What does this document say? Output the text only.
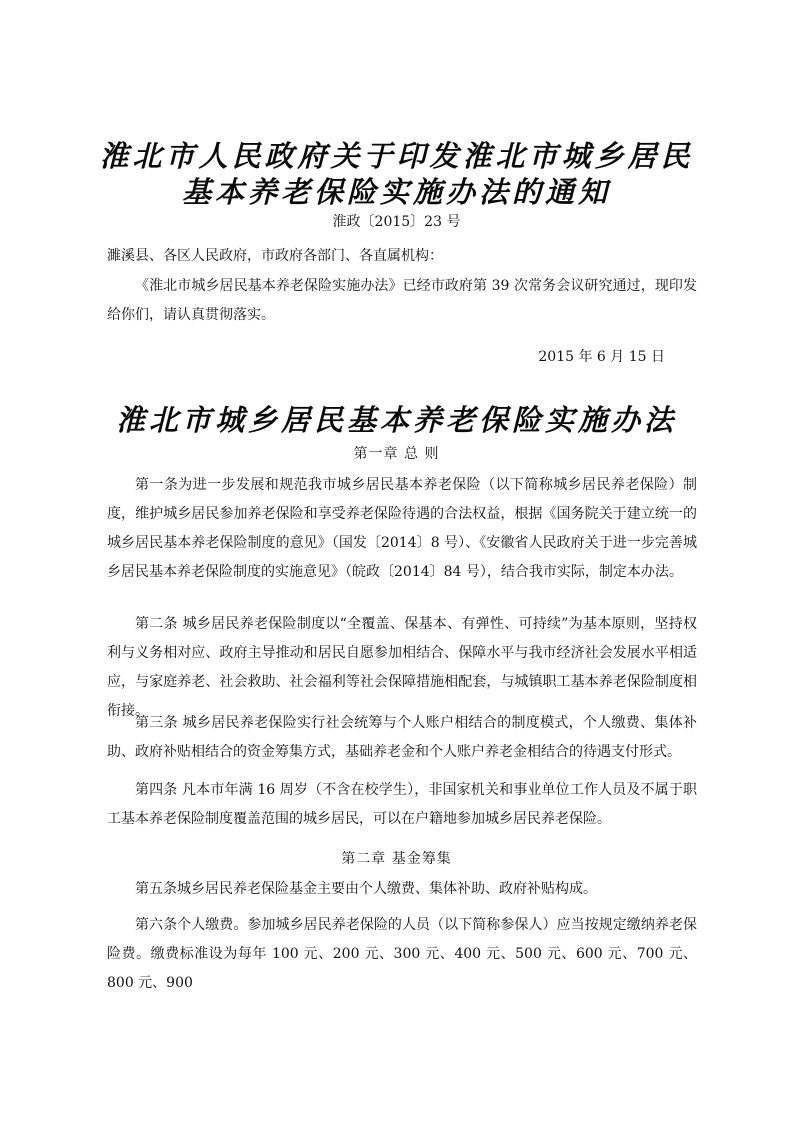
淮北市人民政府关于印发淮北市城乡居民
基本养老保险实施办法的通知
淮政〔2015〕23 号
濉溪县、各区人民政府，市政府各部门、各直属机构：
《淮北市城乡居民基本养老保险实施办法》已经市政府第 39 次常务会议研究通过，现印发给你们，请认真贯彻落实。
2015 年 6 月 15 日
淮北市城乡居民基本养老保险实施办法
第一章 总 则
第一条为进一步发展和规范我市城乡居民基本养老保险（以下简称城乡居民养老保险）制度，维护城乡居民参加养老保险和享受养老保险待遇的合法权益，根据《国务院关于建立统一的城乡居民基本养老保险制度的意见》（国发〔2014〕8 号）、《安徽省人民政府关于进一步完善城乡居民基本养老保险制度的实施意见》（皖政〔2014〕84 号），结合我市实际，制定本办法。
第二条 城乡居民养老保险制度以“全覆盖、保基本、有弹性、可持续”为基本原则，坚持权利与义务相对应、政府主导推动和居民自愿参加相结合、保障水平与我市经济社会发展水平相适应，与家庭养老、社会救助、社会福利等社会保障措施相配套，与城镇职工基本养老保险制度相衔接。
第三条 城乡居民养老保险实行社会统筹与个人账户相结合的制度模式，个人缴费、集体补助、政府补贴相结合的资金筹集方式，基础养老金和个人账户养老金相结合的待遇支付形式。
第四条 凡本市年满 16 周岁（不含在校学生），非国家机关和事业单位工作人员及不属于职工基本养老保险制度覆盖范围的城乡居民，可以在户籍地参加城乡居民养老保险。
第二章 基金筹集
第五条城乡居民养老保险基金主要由个人缴费、集体补助、政府补贴构成。
第六条个人缴费。参加城乡居民养老保险的人员（以下简称参保人）应当按规定缴纳养老保险费。缴费标准设为每年 100 元、200 元、300 元、400 元、500 元、600 元、700 元、800 元、900
